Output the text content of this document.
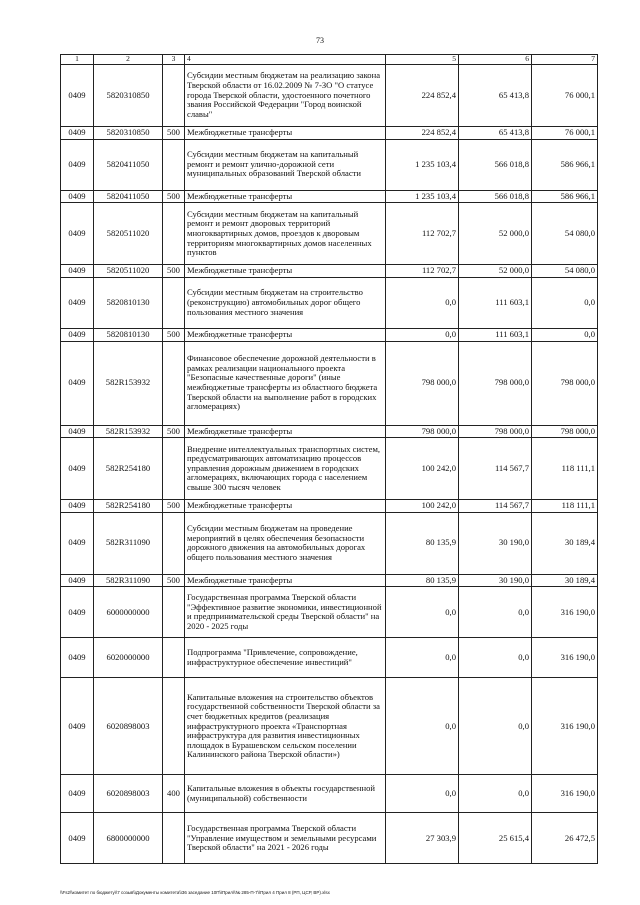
73
1	2	3	4	5	6	7
0409	5820310850		Субсидии местным бюджетам на реализацию закона Тверской области от 16.02.2009 № 7-ЗО "О статусе города Тверской области, удостоенного почетного звания Российской Федерации "Город воинской славы"	224 852,4	65 413,8	76 000,1
0409	5820310850	500	Межбюджетные трансферты	224 852,4	65 413,8	76 000,1
0409	5820411050		Субсидии местным бюджетам на капитальный ремонт и ремонт улично-дорожной сети муниципальных образований Тверской области	1 235 103,4	566 018,8	586 966,1
0409	5820411050	500	Межбюджетные трансферты	1 235 103,4	566 018,8	586 966,1
0409	5820511020		Субсидии местным бюджетам на капитальный ремонт и ремонт дворовых территорий многоквартирных домов, проездов к дворовым территориям многоквартирных домов населенных пунктов	112 702,7	52 000,0	54 080,0
0409	5820511020	500	Межбюджетные трансферты	112 702,7	52 000,0	54 080,0
0409	5820810130		Субсидии местным бюджетам на строительство (реконструкцию) автомобильных дорог общего пользования местного значения	0,0	111 603,1	0,0
0409	5820810130	500	Межбюджетные трансферты	0,0	111 603,1	0,0
0409	582R153932		Финансовое обеспечение дорожной деятельности в рамках реализации национального проекта "Безопасные качественные дороги" (иные межбюджетные трансферты из областного бюджета Тверской области на выполнение работ в городских агломерациях)	798 000,0	798 000,0	798 000,0
0409	582R153932	500	Межбюджетные трансферты	798 000,0	798 000,0	798 000,0
0409	582R254180		Внедрение интеллектуальных транспортных систем, предусматривающих автоматизацию процессов управления дорожным движением в городских агломерациях, включающих города с населением свыше 300 тысяч человек	100 242,0	114 567,7	118 111,1
0409	582R254180	500	Межбюджетные трансферты	100 242,0	114 567,7	118 111,1
0409	582R311090		Субсидии местным бюджетам на проведение мероприятий в целях обеспечения безопасности дорожного движения на автомобильных дорогах общего пользования местного значения	80 135,9	30 190,0	30 189,4
0409	582R311090	500	Межбюджетные трансферты	80 135,9	30 190,0	30 189,4
0409	6000000000		Государственная программа Тверской области "Эффективное развитие экономики, инвестиционной и предпринимательской среды Тверской области" на 2020 - 2025 годы	0,0	0,0	316 190,0
0409	6020000000		Подпрограмма "Привлечение, сопровождение, инфраструктурное обеспечение инвестиций"	0,0	0,0	316 190,0
0409	6020898003		Капитальные вложения на строительство объектов государственной собственности Тверской области за счет бюджетных кредитов (реализация инфраструктурного проекта «Транспортная инфраструктура для развития инвестиционных площадок в Бурашевском сельском поселении Калининского района Тверской области»)	0,0	0,0	316 190,0
0409	6020898003	400	Капитальные вложения в объекты государственной (муниципальной) собственности	0,0	0,0	316 190,0
0409	6800000000		Государственная программа Тверской области "Управление имуществом и земельными ресурсами Тверской области" на 2021 - 2026 годы	27 303,9	25 615,4	26 472,5
\\Fs2\\комитет по бюджету\\7 созыв\\Документы комитета\\36 заседание 10П\\Прил\\№ 285-П-7\\Прил 4 Прил 8 (РП, ЦСР, ВР).xlsx
